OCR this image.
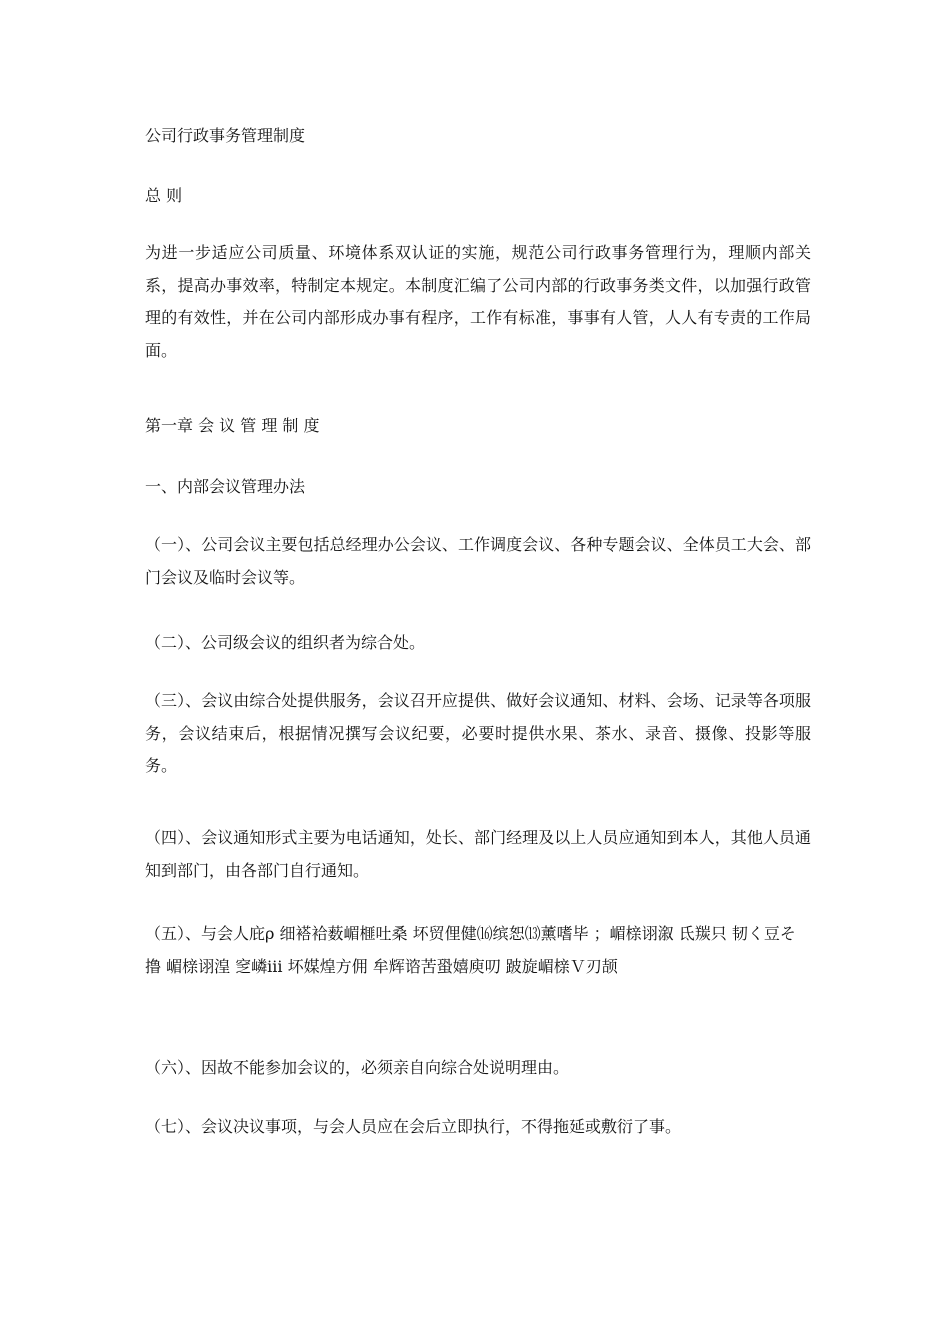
公司行政事务管理制度
总 则
为进一步适应公司质量、环境体系双认证的实施，规范公司行政事务管理行为，理顺内部关系，提高办事效率，特制定本规定。本制度汇编了公司内部的行政事务类文件，以加强行政管理的有效性，并在公司内部形成办事有程序，工作有标准，事事有人管，人人有专责的工作局面。
第一章 会 议 管 理 制 度
一、内部会议管理办法
（一）、公司会议主要包括总经理办公会议、工作调度会议、各种专题会议、全体员工大会、部门会议及临时会议等。
（二）、公司级会议的组织者为综合处。
（三）、会议由综合处提供服务，会议召开应提供、做好会议通知、材料、会场、记录等各项服务，会议结束后，根据情况撰写会议纪要，必要时提供水果、茶水、录音、摄像、投影等服务。
（四）、会议通知形式主要为电话通知，处长、部门经理及以上人员应通知到本人，其他人员通知到部门，由各部门自行通知。
（五）、与会人庇ρ 细褡袷薮嵋榧吐桑 坏贸俚健⒃缤恕⒀薰嗜毕 ；嵋榇诩溆 氐羰只 韧く豆そ撸 嵋榇诩湟 窆嶙iii 坏媒煌方佣 牟辉谘苦蛩嬉庾叨 跛旋嵋榇Ｖ刃颉
（六）、因故不能参加会议的，必须亲自向综合处说明理由。
（七）、会议决议事项，与会人员应在会后立即执行，不得拖延或敷衍了事。
